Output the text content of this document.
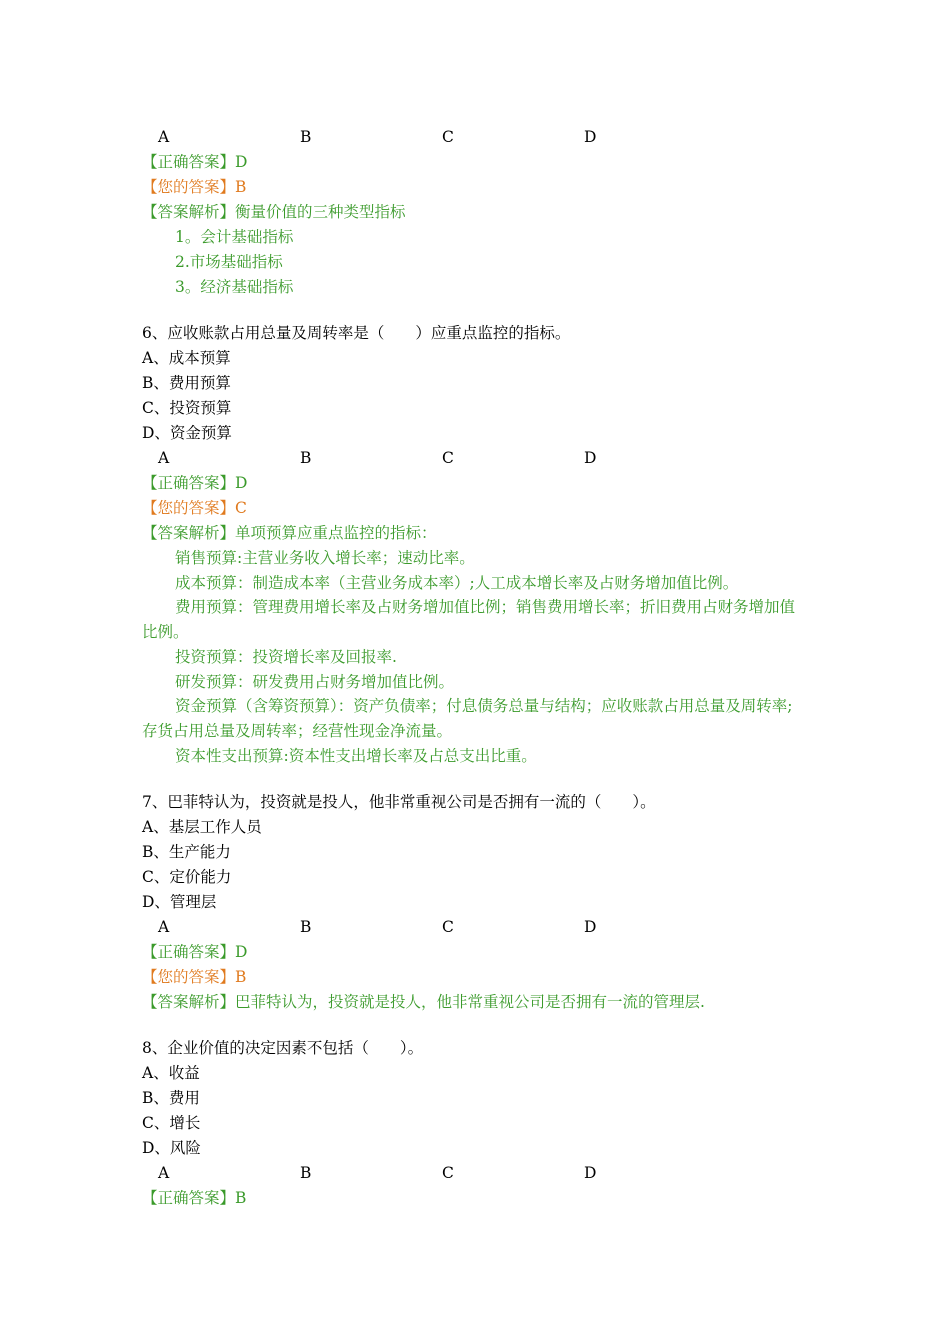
A	B	C	D
【正确答案】D
【您的答案】B
【答案解析】衡量价值的三种类型指标
1。会计基础指标
2.市场基础指标
3。经济基础指标
6、应收账款占用总量及周转率是（　　）应重点监控的指标。
A、成本预算
B、费用预算
C、投资预算
D、资金预算
A	B	C	D
【正确答案】D
【您的答案】C
【答案解析】单项预算应重点监控的指标：
销售预算:主营业务收入增长率；速动比率。
成本预算：制造成本率（主营业务成本率）;人工成本增长率及占财务增加值比例。
费用预算：管理费用增长率及占财务增加值比例；销售费用增长率；折旧费用占财务增加值比例。
投资预算：投资增长率及回报率.
研发预算：研发费用占财务增加值比例。
资金预算（含筹资预算）：资产负债率；付息债务总量与结构；应收账款占用总量及周转率;存货占用总量及周转率；经营性现金净流量。
资本性支出预算:资本性支出增长率及占总支出比重。
7、巴菲特认为，投资就是投人，他非常重视公司是否拥有一流的（　　）。
A、基层工作人员
B、生产能力
C、定价能力
D、管理层
A	B	C	D
【正确答案】D
【您的答案】B
【答案解析】巴菲特认为，投资就是投人，他非常重视公司是否拥有一流的管理层.
8、企业价值的决定因素不包括（　　）。
A、收益
B、费用
C、增长
D、风险
A	B	C	D
【正确答案】B
